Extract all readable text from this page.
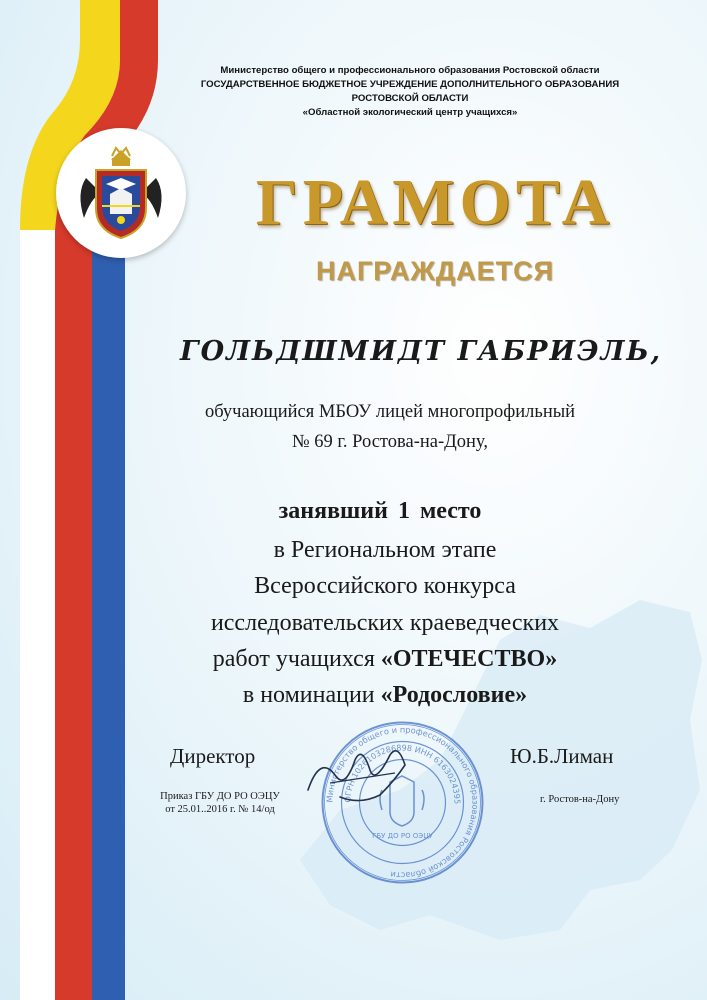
Министерство общего и профессионального образования Ростовской области
ГОСУДАРСТВЕННОЕ БЮДЖЕТНОЕ УЧРЕЖДЕНИЕ ДОПОЛНИТЕЛЬНОГО ОБРАЗОВАНИЯ
РОСТОВСКОЙ ОБЛАСТИ
«Областной экологический центр учащихся»
ГРАМОТА
НАГРАЖДАЕТСЯ
ГОЛЬДШМИДТ ГАБРИЭЛЬ,
обучающийся МБОУ лицей многопрофильный
№ 69 г. Ростова-на-Дону,
занявший 1 место
в Региональном этапе
Всероссийского конкурса
исследовательских краеведческих
работ учащихся «ОТЕЧЕСТВО»
в номинации «Родословие»
Директор	Ю.Б.Лиман
Приказ ГБУ ДО РО ОЭЦУ
от 25.01..2016 г. № 14/од
г. Ростов-на-Дону
Министерство общего и профессионального образования Ростовской области
ОГРН 1026103286898 ИНН 6163024395
ГБУ ДО РО ОЭЦУ
